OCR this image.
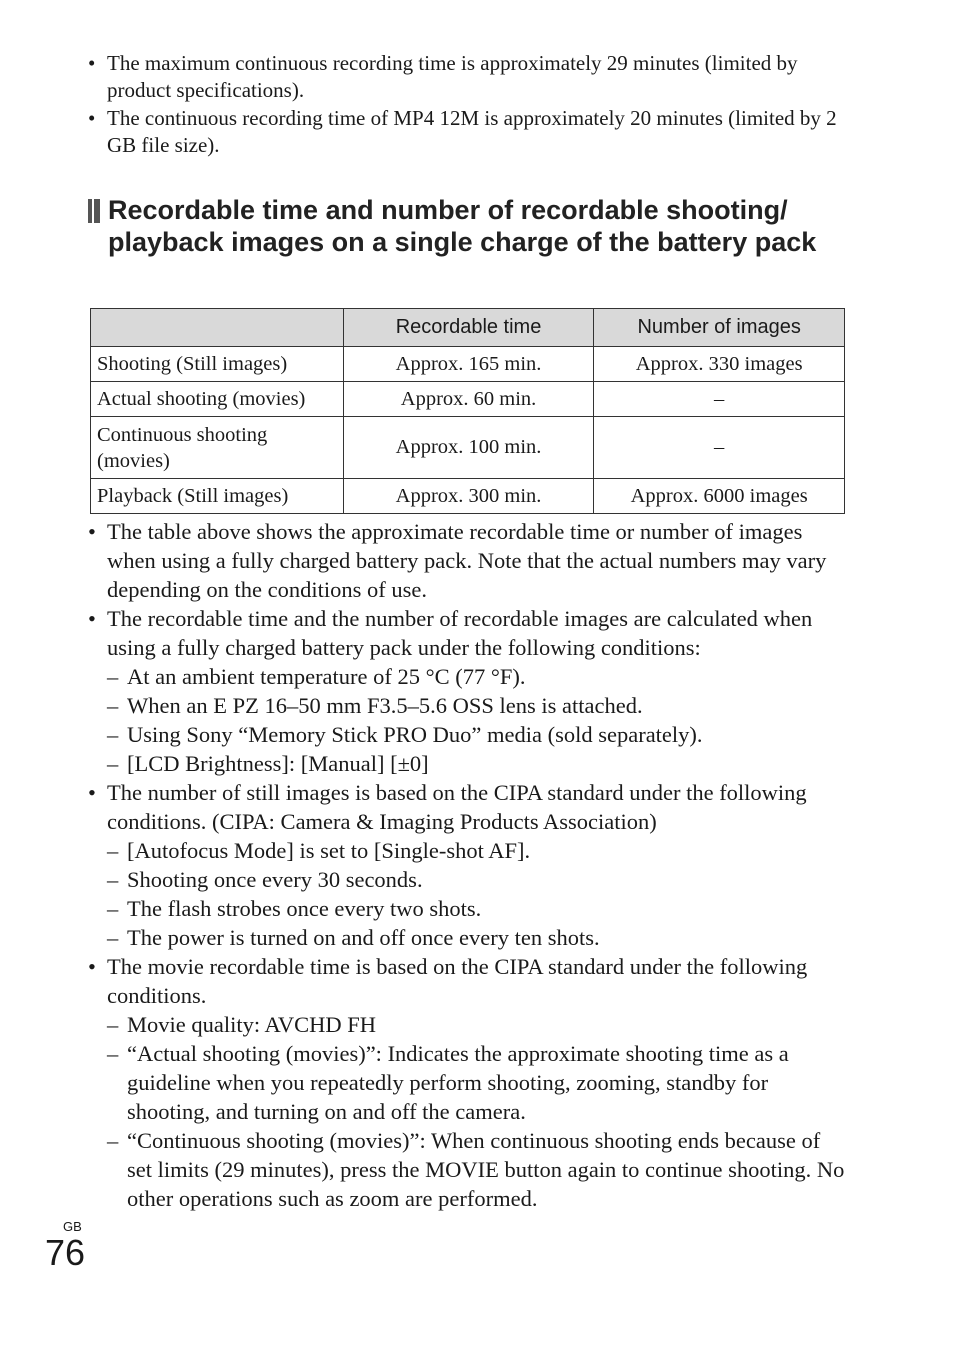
• The maximum continuous recording time is approximately 29 minutes (limited by product specifications).
• The continuous recording time of MP4 12M is approximately 20 minutes (limited by 2 GB file size).
Recordable time and number of recordable shooting/ playback images on a single charge of the battery pack
	Recordable time	Number of images
Shooting (Still images)	Approx. 165 min.	Approx. 330 images
Actual shooting (movies)	Approx. 60 min.	–
Continuous shooting (movies)	Approx. 100 min.	–
Playback (Still images)	Approx. 300 min.	Approx. 6000 images
• The table above shows the approximate recordable time or number of images when using a fully charged battery pack. Note that the actual numbers may vary depending on the conditions of use.
• The recordable time and the number of recordable images are calculated when using a fully charged battery pack under the following conditions:
– At an ambient temperature of 25 °C (77 °F).
– When an E PZ 16–50 mm F3.5–5.6 OSS lens is attached.
– Using Sony “Memory Stick PRO Duo” media (sold separately).
– [LCD Brightness]: [Manual] [±0]
• The number of still images is based on the CIPA standard under the following conditions. (CIPA: Camera & Imaging Products Association)
– [Autofocus Mode] is set to [Single-shot AF].
– Shooting once every 30 seconds.
– The flash strobes once every two shots.
– The power is turned on and off once every ten shots.
• The movie recordable time is based on the CIPA standard under the following conditions.
– Movie quality: AVCHD FH
– “Actual shooting (movies)”: Indicates the approximate shooting time as a guideline when you repeatedly perform shooting, zooming, standby for shooting, and turning on and off the camera.
– “Continuous shooting (movies)”: When continuous shooting ends because of set limits (29 minutes), press the MOVIE button again to continue shooting. No other operations such as zoom are performed.
GB
76
